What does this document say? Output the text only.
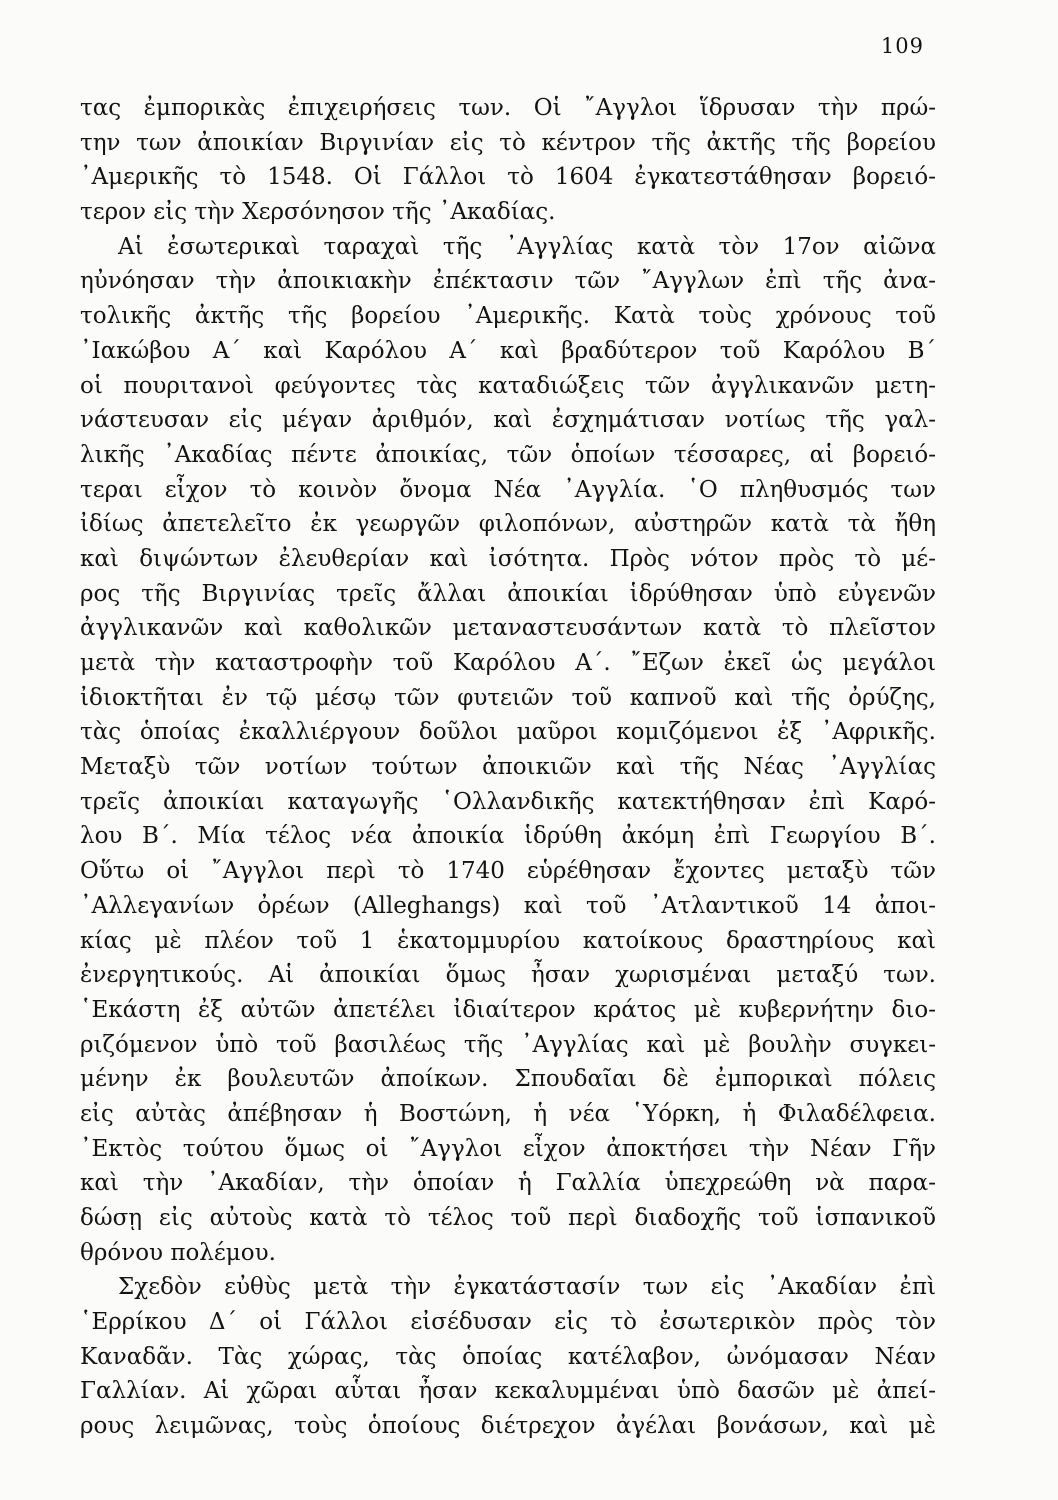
109
τας ἐμπορικὰς ἐπιχειρήσεις των. Οἱ ῎Αγγλοι ἵδρυσαν τὴν πρώ-
την των ἀποικίαν Βιργινίαν εἰς τὸ κέντρον τῆς ἀκτῆς τῆς βορείου
᾿Αμερικῆς τὸ 1548. Οἱ Γάλλοι τὸ 1604 ἐγκατεστάθησαν βορειό-
τερον εἰς τὴν Χερσόνησον τῆς ᾿Ακαδίας.
Αἱ ἐσωτερικαὶ ταραχαὶ τῆς ᾿Αγγλίας κατὰ τὸν 17ον αἰῶνα
ηὐνόησαν τὴν ἀποικιακὴν ἐπέκτασιν τῶν ῎Αγγλων ἐπὶ τῆς ἀνα-
τολικῆς ἀκτῆς τῆς βορείου ᾿Αμερικῆς. Κατὰ τοὺς χρόνους τοῦ
᾿Ιακώβου Α΄ καὶ Καρόλου Α΄ καὶ βραδύτερον τοῦ Καρόλου Β΄
οἱ πουριτανοὶ φεύγοντες τὰς καταδιώξεις τῶν ἀγγλικανῶν μετη-
νάστευσαν εἰς μέγαν ἀριθμόν, καὶ ἐσχημάτισαν νοτίως τῆς γαλ-
λικῆς ᾿Ακαδίας πέντε ἀποικίας, τῶν ὁποίων τέσσαρες, αἱ βορειό-
τεραι εἶχον τὸ κοινὸν ὄνομα Νέα ᾿Αγγλία. ῾Ο πληθυσμός των
ἰδίως ἀπετελεῖτο ἐκ γεωργῶν φιλοπόνων, αὐστηρῶν κατὰ τὰ ἤθη
καὶ διψώντων ἐλευθερίαν καὶ ἰσότητα. Πρὸς νότον πρὸς τὸ μέ-
ρος τῆς Βιργινίας τρεῖς ἄλλαι ἀποικίαι ἱδρύθησαν ὑπὸ εὐγενῶν
ἀγγλικανῶν καὶ καθολικῶν μεταναστευσάντων κατὰ τὸ πλεῖστον
μετὰ τὴν καταστροφὴν τοῦ Καρόλου Α΄. ῎Εζων ἐκεῖ ὡς μεγάλοι
ἰδιοκτῆται ἐν τῷ μέσῳ τῶν φυτειῶν τοῦ καπνοῦ καὶ τῆς ὀρύζης,
τὰς ὁποίας ἐκαλλιέργουν δοῦλοι μαῦροι κομιζόμενοι ἐξ ᾿Αφρικῆς.
Μεταξὺ τῶν νοτίων τούτων ἀποικιῶν καὶ τῆς Νέας ᾿Αγγλίας
τρεῖς ἀποικίαι καταγωγῆς ῾Ολλανδικῆς κατεκτήθησαν ἐπὶ Καρό-
λου Β΄. Μία τέλος νέα ἀποικία ἱδρύθη ἀκόμη ἐπὶ Γεωργίου Β΄.
Οὕτω οἱ ῎Αγγλοι περὶ τὸ 1740 εὑρέθησαν ἔχοντες μεταξὺ τῶν
᾿Αλλεγανίων ὀρέων (Alleghangs) καὶ τοῦ ᾿Ατλαντικοῦ 14 ἀποι-
κίας μὲ πλέον τοῦ 1 ἑκατομμυρίου κατοίκους δραστηρίους καὶ
ἐνεργητικούς. Αἱ ἀποικίαι ὅμως ἦσαν χωρισμέναι μεταξύ των.
῾Εκάστη ἐξ αὐτῶν ἀπετέλει ἰδιαίτερον κράτος μὲ κυβερνήτην διο-
ριζόμενον ὑπὸ τοῦ βασιλέως τῆς ᾿Αγγλίας καὶ μὲ βουλὴν συγκει-
μένην ἐκ βουλευτῶν ἀποίκων. Σπουδαῖαι δὲ ἐμπορικαὶ πόλεις
εἰς αὐτὰς ἀπέβησαν ἡ Βοστώνη, ἡ νέα ῾Υόρκη, ἡ Φιλαδέλφεια.
᾿Εκτὸς τούτου ὅμως οἱ ῎Αγγλοι εἶχον ἀποκτήσει τὴν Νέαν Γῆν
καὶ τὴν ᾿Ακαδίαν, τὴν ὁποίαν ἡ Γαλλία ὑπεχρεώθη νὰ παρα-
δώσῃ εἰς αὐτοὺς κατὰ τὸ τέλος τοῦ περὶ διαδοχῆς τοῦ ἱσπανικοῦ
θρόνου πολέμου.
Σχεδὸν εὐθὺς μετὰ τὴν ἐγκατάστασίν των εἰς ᾿Ακαδίαν ἐπὶ
῾Ερρίκου Δ΄ οἱ Γάλλοι εἰσέδυσαν εἰς τὸ ἐσωτερικὸν πρὸς τὸν
Καναδᾶν. Τὰς χώρας, τὰς ὁποίας κατέλαβον, ὠνόμασαν Νέαν
Γαλλίαν. Αἱ χῶραι αὗται ἦσαν κεκαλυμμέναι ὑπὸ δασῶν μὲ ἀπεί-
ρους λειμῶνας, τοὺς ὁποίους διέτρεχον ἀγέλαι βονάσων, καὶ μὲ
